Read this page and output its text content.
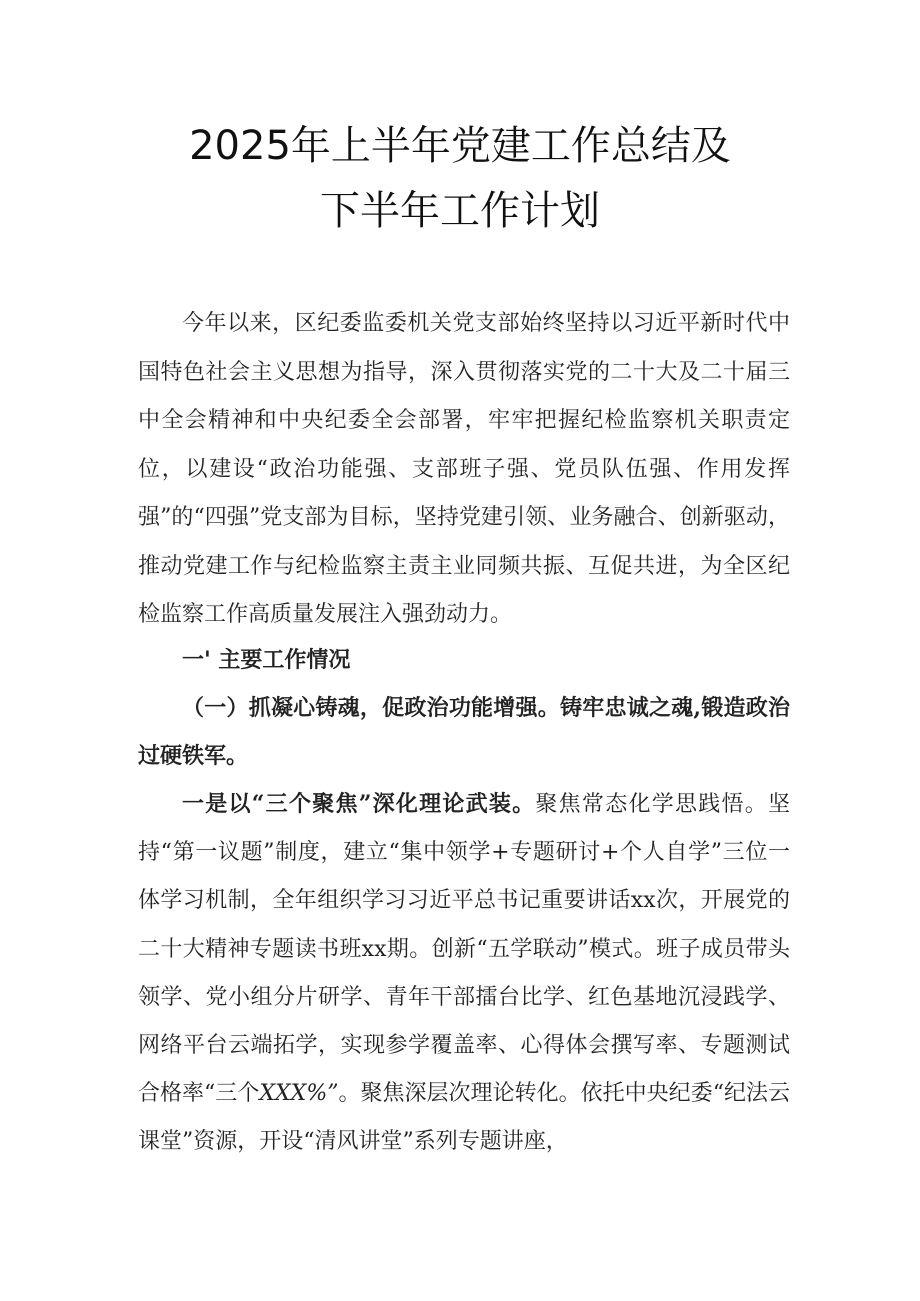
2025年上半年党建工作总结及
下半年工作计划
今年以来，区纪委监委机关党支部始终坚持以习近平新时代中国特色社会主义思想为指导，深入贯彻落实党的二十大及二十届三中全会精神和中央纪委全会部署，牢牢把握纪检监察机关职责定位，以建设“政治功能强、支部班子强、党员队伍强、作用发挥强”的“四强”党支部为目标，坚持党建引领、业务融合、创新驱动，推动党建工作与纪检监察主责主业同频共振、互促共进，为全区纪检监察工作高质量发展注入强劲动力。
一' 主要工作情况
（一）抓凝心铸魂，促政治功能增强。铸牢忠诚之魂,锻造政治过硬铁军。
一是以“三个聚焦”深化理论武装。聚焦常态化学思践悟。坚持“第一议题”制度，建立“集中领学+专题研讨+个人自学”三位一体学习机制，全年组织学习习近平总书记重要讲话xx次，开展党的二十大精神专题读书班xx期。创新“五学联动”模式。班子成员带头领学、党小组分片研学、青年干部擂台比学、红色基地沉浸践学、网络平台云端拓学，实现参学覆盖率、心得体会撰写率、专题测试合格率“三个XXX%”。聚焦深层次理论转化。依托中央纪委“纪法云课堂”资源，开设“清风讲堂”系列专题讲座，
